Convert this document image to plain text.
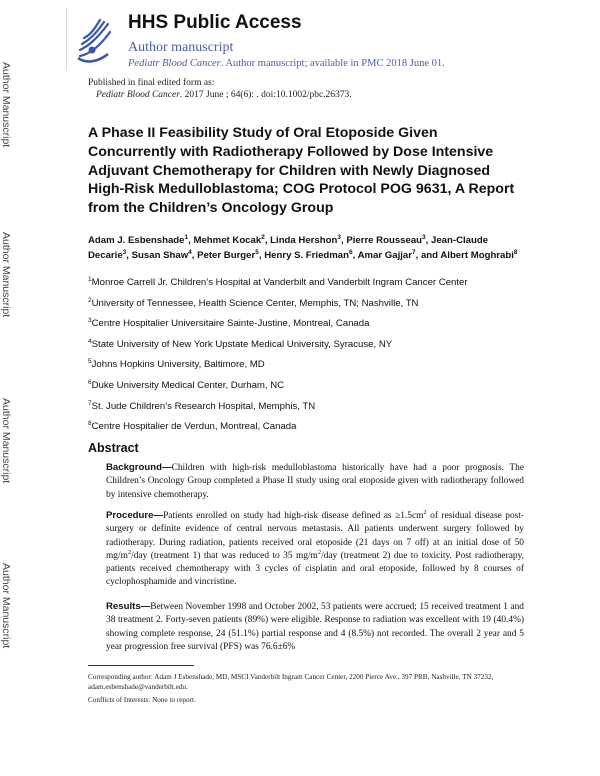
Author Manuscript
Author Manuscript
Author Manuscript
Author Manuscript
HHS Public Access
Author manuscript
Pediatr Blood Cancer. Author manuscript; available in PMC 2018 June 01.
Published in final edited form as:
Pediatr Blood Cancer. 2017 June ; 64(6): . doi:10.1002/pbc.26373.
A Phase II Feasibility Study of Oral Etoposide Given Concurrently with Radiotherapy Followed by Dose Intensive Adjuvant Chemotherapy for Children with Newly Diagnosed High-Risk Medulloblastoma; COG Protocol POG 9631, A Report from the Children’s Oncology Group
Adam J. Esbenshade$^1$, Mehmet Kocak$^2$, Linda Hershon$^3$, Pierre Rousseau$^3$, Jean-Claude Decarie$^3$, Susan Shaw$^4$, Peter Burger$^5$, Henry S. Friedman$^6$, Amar Gajjar$^7$, and Albert Moghrabi$^8$
$^1$Monroe Carrell Jr. Children’s Hospital at Vanderbilt and Vanderbilt Ingram Cancer Center
$^2$University of Tennessee, Health Science Center, Memphis, TN; Nashville, TN
$^3$Centre Hospitalier Universitaire Sainte-Justine, Montreal, Canada
$^4$State University of New York Upstate Medical University, Syracuse, NY
$^5$Johns Hopkins University, Baltimore, MD
$^6$Duke University Medical Center, Durham, NC
$^7$St. Jude Children’s Research Hospital, Memphis, TN
$^8$Centre Hospitalier de Verdun, Montreal, Canada
Abstract
Background—Children with high-risk medulloblastoma historically have had a poor prognosis. The Children’s Oncology Group completed a Phase II study using oral etoposide given with radiotherapy followed by intensive chemotherapy.
Procedure—Patients enrolled on study had high-risk disease defined as $\ge 1.5cm^2$ of residual disease post-surgery or definite evidence of central nervous metastasis. All patients underwent surgery followed by radiotherapy. During radiation, patients received oral etoposide (21 days on 7 off) at an initial dose of 50 $mg/m^2$/day (treatment 1) that was reduced to 35 $mg/m^2$/day (treatment 2) due to toxicity. Post radiotherapy, patients received chemotherapy with 3 cycles of cisplatin and oral etoposide, followed by 8 courses of cyclophosphamide and vincristine.
Results—Between November 1998 and October 2002, 53 patients were accrued; 15 received treatment 1 and 38 treatment 2. Forty-seven patients (89%) were eligible. Response to radiation was excellent with 19 (40.4%) showing complete response, 24 (51.1%) partial response and 4 (8.5%) not recorded. The overall 2 year and 5 year progression free survival (PFS) was 76.6±6%
Corresponding author: Adam J Esbenshade, MD, MSCI Vanderbilt Ingram Cancer Center, 2200 Pierce Ave., 397 PRB, Nashville, TN 37232, adam.esbenshade@vanderbilt.edu.
Conflicts of Interests: None to report.
